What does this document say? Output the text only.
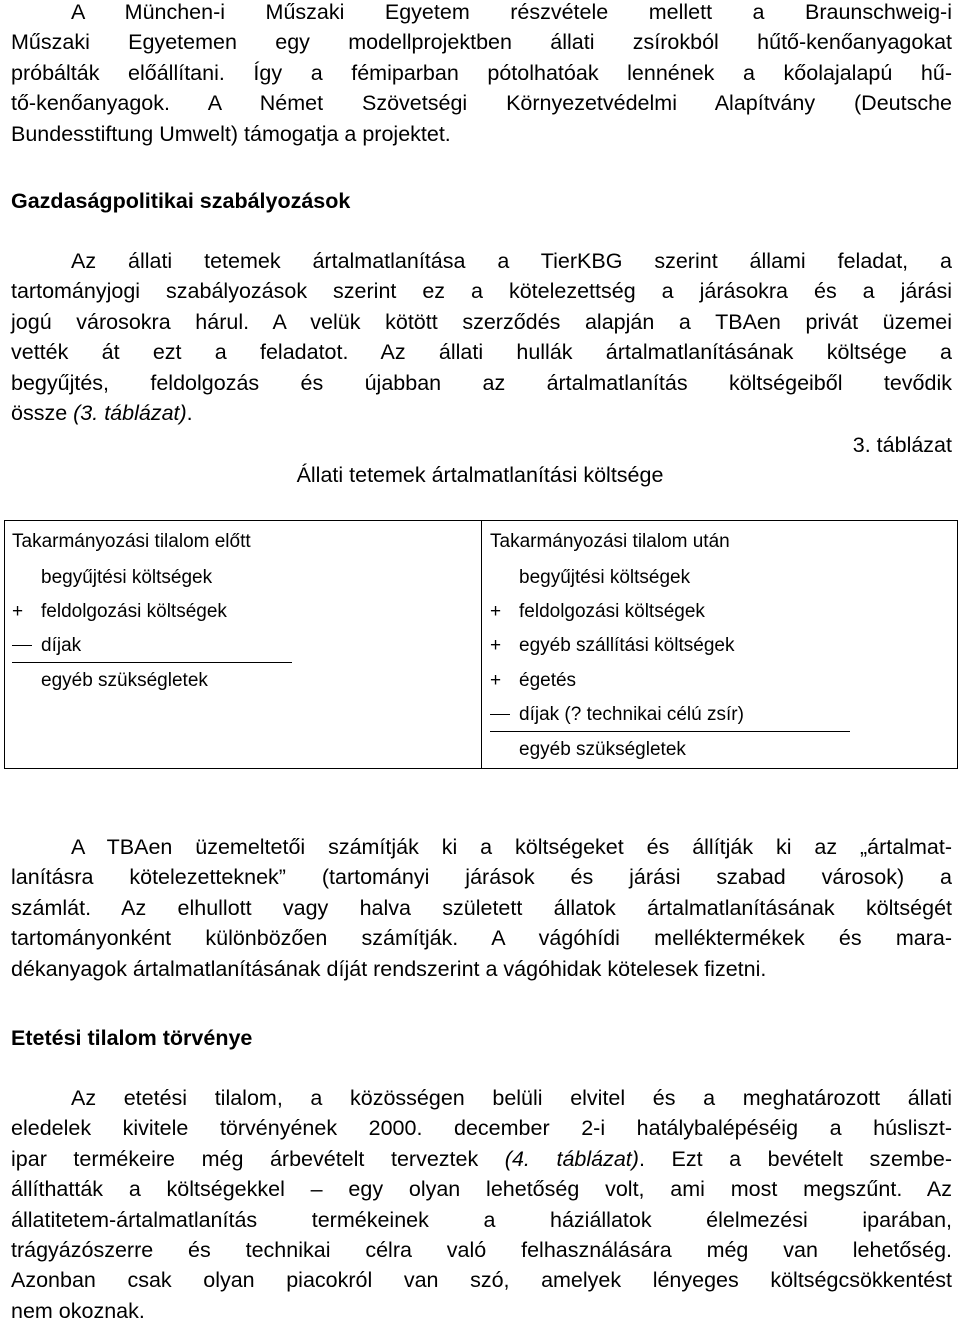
A München-i Műszaki Egyetem részvétele mellett a Braunschweig-i
Műszaki Egyetemen egy modellprojektben állati zsírokból hűtő-kenőanyagokat
próbálták előállítani. Így a fémiparban pótolhatóak lennének a kőolajalapú hű-
tő-kenőanyagok. A Német Szövetségi Környezetvédelmi Alapítvány (Deutsche
Bundesstiftung Umwelt) támogatja a projektet.
Gazdaságpolitikai szabályozások
Az állati tetemek ártalmatlanítása a TierKBG szerint állami feladat, a
tartományjogi szabályozások szerint ez a kötelezettség a járásokra és a járási
jogú városokra hárul. A velük kötött szerződés alapján a TBAen privát üzemei
vették át ezt a feladatot. Az állati hullák ártalmatlanításának költsége a
begyűjtés, feldolgozás és újabban az ártalmatlanítás költségeiből tevődik
össze (3. táblázat).
3. táblázat
Állati tetemek ártalmatlanítási költsége
Takarmányozási tilalom előtt
begyűjtési költségek
+ feldolgozási költségek
díjak
egyéb szükségletek
Takarmányozási tilalom után
begyűjtési költségek
+ feldolgozási költségek
+ egyéb szállítási költségek
+ égetés
díjak (? technikai célú zsír)
egyéb szükségletek
A TBAen üzemeltetői számítják ki a költségeket és állítják ki az „ártalmat-
lanításra kötelezetteknek” (tartományi járások és járási szabad városok) a
számlát. Az elhullott vagy halva született állatok ártalmatlanításának költségét
tartományonként különbözően számítják. A vágóhídi melléktermékek és mara-
dékanyagok ártalmatlanításának díját rendszerint a vágóhidak kötelesek fizetni.
Etetési tilalom törvénye
Az etetési tilalom, a közösségen belüli elvitel és a meghatározott állati
eledelek kivitele törvényének 2000. december 2-i hatálybalépéséig a húsliszt-
ipar termékeire még árbevételt terveztek (4. táblázat). Ezt a bevételt szembe-
állíthatták a költségekkel – egy olyan lehetőség volt, ami most megszűnt. Az
állatitetem-ártalmatlanítás termékeinek a háziállatok élelmezési iparában,
trágyázószerre és technikai célra való felhasználására még van lehetőség.
Azonban csak olyan piacokról van szó, amelyek lényeges költségcsökkentést
nem okoznak.
